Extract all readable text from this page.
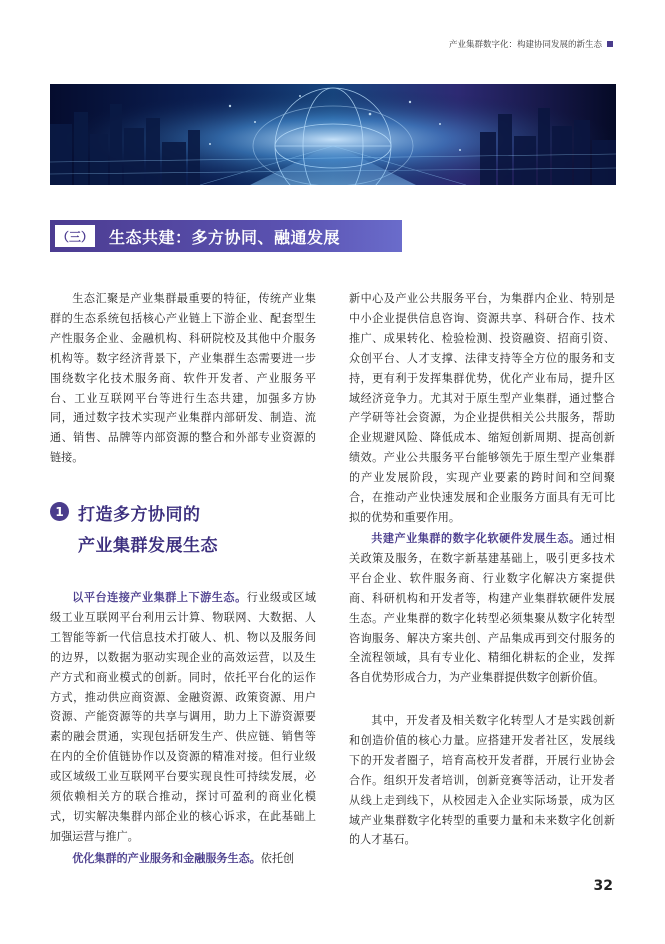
产业集群数字化：构建协同发展的新生态
（三） 生态共建：多方协同、融通发展

生态汇聚是产业集群最重要的特征，传统产业集群的生态系统包括核心产业链上下游企业、配套型生产性服务企业、金融机构、科研院校及其他中介服务机构等。数字经济背景下，产业集群生态需要进一步围绕数字化技术服务商、软件开发者、产业服务平台、工业互联网平台等进行生态共建，加强多方协同，通过数字技术实现产业集群内部研发、制造、流通、销售、品牌等内部资源的整合和外部专业资源的链接。

1 打造多方协同的
产业集群发展生态

以平台连接产业集群上下游生态。行业级或区域级工业互联网平台利用云计算、物联网、大数据、人工智能等新一代信息技术打破人、机、物以及服务间的边界，以数据为驱动实现企业的高效运营，以及生产方式和商业模式的创新。同时，依托平台化的运作方式，推动供应商资源、金融资源、政策资源、用户资源、产能资源等的共享与调用，助力上下游资源要素的融会贯通，实现包括研发生产、供应链、销售等在内的全价值链协作以及资源的精准对接。但行业级或区域级工业互联网平台要实现良性可持续发展，必须依赖相关方的联合推动，探讨可盈利的商业化模式，切实解决集群内部企业的核心诉求，在此基础上加强运营与推广。

优化集群的产业服务和金融服务生态。依托创

新中心及产业公共服务平台，为集群内企业、特别是中小企业提供信息咨询、资源共享、科研合作、技术推广、成果转化、检验检测、投资融资、招商引资、众创平台、人才支撑、法律支持等全方位的服务和支持，更有利于发挥集群优势，优化产业布局，提升区域经济竞争力。尤其对于原生型产业集群，通过整合产学研等社会资源，为企业提供相关公共服务，帮助企业规避风险、降低成本、缩短创新周期、提高创新绩效。产业公共服务平台能够领先于原生型产业集群的产业发展阶段，实现产业要素的跨时间和空间聚合，在推动产业快速发展和企业服务方面具有无可比拟的优势和重要作用。

共建产业集群的数字化软硬件发展生态。通过相关政策及服务，在数字新基建基础上，吸引更多技术平台企业、软件服务商、行业数字化解决方案提供商、科研机构和开发者等，构建产业集群软硬件发展生态。产业集群的数字化转型必须集聚从数字化转型咨询服务、解决方案共创、产品集成再到交付服务的全流程领域，具有专业化、精细化耕耘的企业，发挥各自优势形成合力，为产业集群提供数字创新价值。

其中，开发者及相关数字化转型人才是实践创新和创造价值的核心力量。应搭建开发者社区，发展线下的开发者圈子，培育高校开发者群，开展行业协会合作。组织开发者培训，创新竞赛等活动，让开发者从线上走到线下，从校园走入企业实际场景，成为区域产业集群数字化转型的重要力量和未来数字化创新的人才基石。

32
